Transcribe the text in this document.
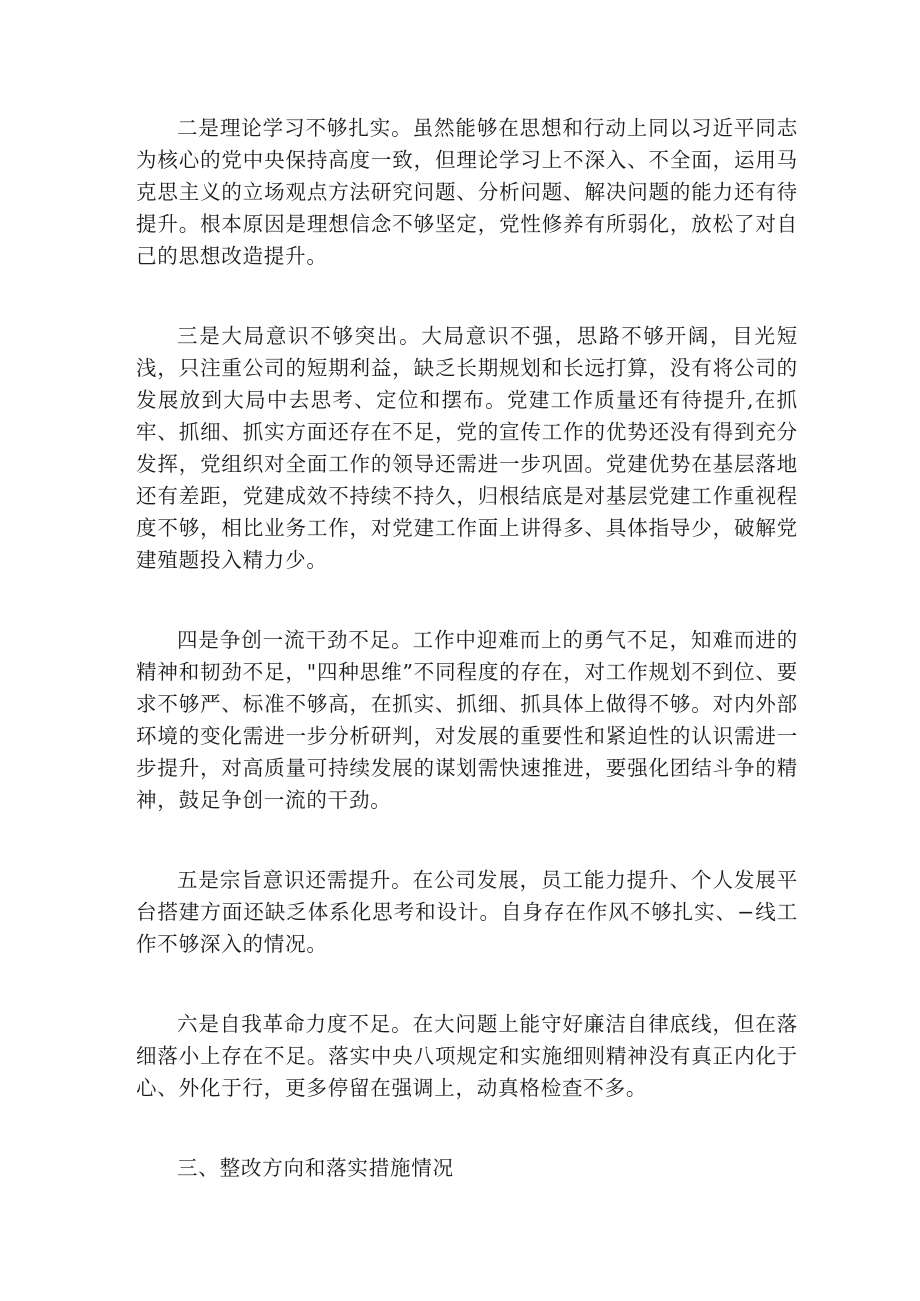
二是理论学习不够扎实。虽然能够在思想和行动上同以习近平同志为核心的党中央保持高度一致，但理论学习上不深入、不全面，运用马克思主义的立场观点方法研究问题、分析问题、解决问题的能力还有待提升。根本原因是理想信念不够坚定，党性修养有所弱化，放松了对自己的思想改造提升。

三是大局意识不够突出。大局意识不强，思路不够开阔，目光短浅，只注重公司的短期利益，缺乏长期规划和长远打算，没有将公司的发展放到大局中去思考、定位和摆布。党建工作质量还有待提升,在抓牢、抓细、抓实方面还存在不足，党的宣传工作的优势还没有得到充分发挥，党组织对全面工作的领导还需进一步巩固。党建优势在基层落地还有差距，党建成效不持续不持久，归根结底是对基层党建工作重视程度不够，相比业务工作，对党建工作面上讲得多、具体指导少，破解党建殖题投入精力少。

四是争创一流干劲不足。工作中迎难而上的勇气不足，知难而进的精神和韧劲不足，"四种思维”不同程度的存在，对工作规划不到位、要求不够严、标准不够高，在抓实、抓细、抓具体上做得不够。对内外部环境的变化需进一步分析研判，对发展的重要性和紧迫性的认识需进一步提升，对高质量可持续发展的谋划需快速推进，要强化团结斗争的精神，鼓足争创一流的干劲。

五是宗旨意识还需提升。在公司发展，员工能力提升、个人发展平台搭建方面还缺乏体系化思考和设计。自身存在作风不够扎实、−线工作不够深入的情况。

六是自我革命力度不足。在大问题上能守好廉洁自律底线，但在落细落小上存在不足。落实中央八项规定和实施细则精神没有真正内化于心、外化于行，更多停留在强调上，动真格检查不多。

三、整改方向和落实措施情况
